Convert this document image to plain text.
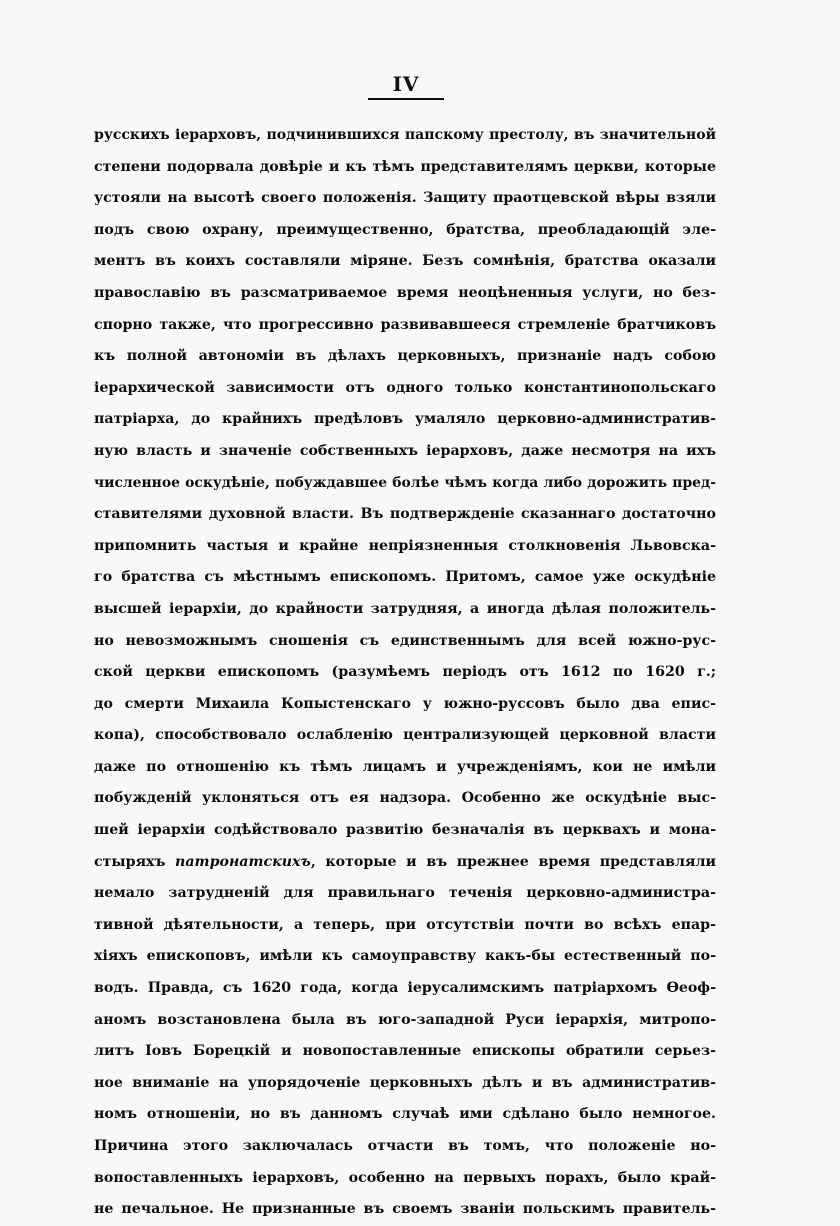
IV
русскихъ iерарховъ, подчинившихся папскому престолу, въ значительной
степени подорвала довѣріе и къ тѣмъ представителямъ церкви, которые
устояли на высотѣ своего положенія. Защиту праотцевской вѣры взяли
подъ свою охрану, преимущественно, братства, преобладающій эле-
ментъ въ коихъ составляли міряне. Безъ сомнѣнія, братства оказали
православію въ разсматриваемое время неоцѣненныя услуги, но без-
спорно также, что прогрессивно развивавшееся стремленіе братчиковъ
къ полной автономіи въ дѣлахъ церковныхъ, признаніе надъ собою
іерархической зависимости отъ одного только константинопольскаго
патріарха, до крайнихъ предѣловъ умаляло церковно-административ-
ную власть и значеніе собственныхъ іерарховъ, даже несмотря на ихъ
численное оскудѣніе, побуждавшее болѣе чѣмъ когда либо дорожить пред-
ставителями духовной власти. Въ подтвержденіе сказаннаго достаточно
припомнить частыя и крайне непріязненныя столкновенія Львовска-
го братства съ мѣстнымъ епископомъ. Притомъ, самое уже оскудѣніе
высшей іерархіи, до крайности затрудняя, а иногда дѣлая положитель-
но невозможнымъ сношенія съ единственнымъ для всей южно-рус-
ской церкви епископомъ (разумѣемъ періодъ отъ 1612 по 1620 г.;
до смерти Михаила Копыстенскаго у южно-руссовъ было два епис-
копа), способствовало ослабленію централизующей церковной власти
даже по отношенію къ тѣмъ лицамъ и учрежденіямъ, кои не имѣли
побужденій уклоняться отъ ея надзора. Особенно же оскудѣніе выс-
шей іерархіи содѣйствовало развитію безначалія въ церквахъ и мона-
стыряхъ патронатскихъ, которые и въ прежнее время представляли
немало затрудненій для правильнаго теченія церковно-администра-
тивной дѣятельности, а теперь, при отсутствіи почти во всѣхъ епар-
хіяхъ епископовъ, имѣли къ самоуправству какъ-бы естественный по-
водъ. Правда, съ 1620 года, когда іерусалимскимъ патріархомъ Ѳеоф-
аномъ возстановлена была въ юго-западной Руси іерархія, митропо-
литъ Іовъ Борецкій и новопоставленные епископы обратили серьез-
ное вниманіе на упорядоченіе церковныхъ дѣлъ и въ административ-
номъ отношеніи, но въ данномъ случаѣ ими сдѣлано было немногое.
Причина этого заключалась отчасти въ томъ, что положеніе но-
вопоставленныхъ іерарховъ, особенно на первыхъ порахъ, было край-
не печальное. Не признанные въ своемъ званіи польскимъ правитель-
